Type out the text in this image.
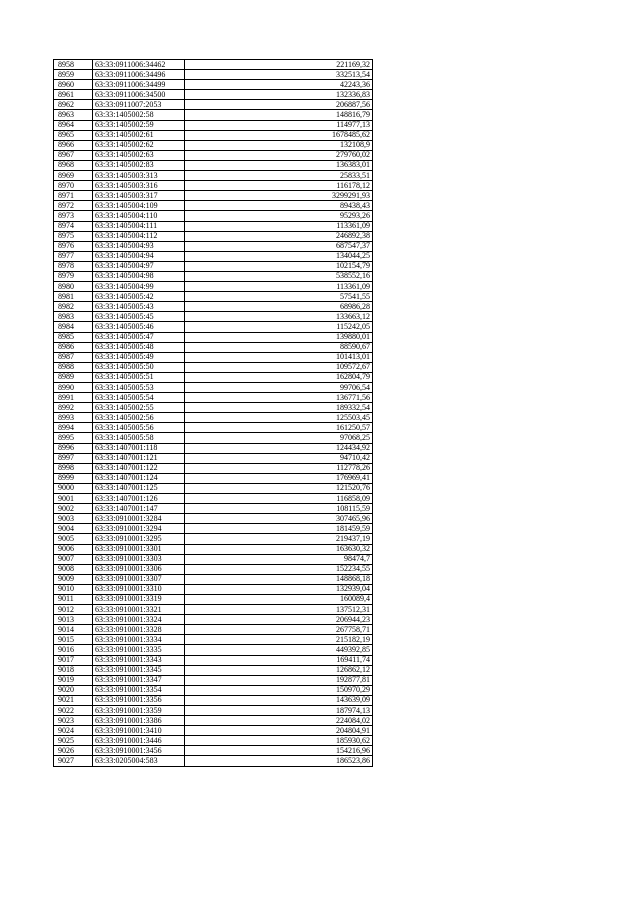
8958	63:33:0911006:34462	221169,32
8959	63:33:0911006:34496	332513,54
8960	63:33:0911006:34499	42243,36
8961	63:33:0911006:34500	132336,83
8962	63:33:0911007:2053	206887,56
8963	63:33:1405002:58	148816,79
8964	63:33:1405002:59	114977,13
8965	63:33:1405002:61	1678485,62
8966	63:33:1405002:62	132108,9
8967	63:33:1405002:63	279760,02
8968	63:33:1405002:83	136383,01
8969	63:33:1405003:313	25833,51
8970	63:33:1405003:316	116178,12
8971	63:33:1405003:317	3299291,93
8972	63:33:1405004:109	89438,43
8973	63:33:1405004:110	95293,26
8974	63:33:1405004:111	113361,09
8975	63:33:1405004:112	246892,38
8976	63:33:1405004:93	687547,37
8977	63:33:1405004:94	134044,25
8978	63:33:1405004:97	102154,79
8979	63:33:1405004:98	538552,16
8980	63:33:1405004:99	113361,09
8981	63:33:1405005:42	57541,55
8982	63:33:1405005:43	68986,28
8983	63:33:1405005:45	133663,12
8984	63:33:1405005:46	115242,05
8985	63:33:1405005:47	139880,01
8986	63:33:1405005:48	88590,67
8987	63:33:1405005:49	101413,01
8988	63:33:1405005:50	109572,67
8989	63:33:1405005:51	162804,79
8990	63:33:1405005:53	99706,54
8991	63:33:1405005:54	136771,56
8992	63:33:1405002:55	189332,54
8993	63:33:1405002:56	125503,45
8994	63:33:1405005:56	161250,57
8995	63:33:1405005:58	97068,25
8996	63:33:1407001:118	124434,92
8997	63:33:1407001:121	94710,42
8998	63:33:1407001:122	112778,26
8999	63:33:1407001:124	176969,41
9000	63:33:1407001:125	121520,76
9001	63:33:1407001:126	116858,09
9002	63:33:1407001:147	108115,59
9003	63:33:0910001:3284	307465,96
9004	63:33:0910001:3294	181459,59
9005	63:33:0910001:3295	219437,19
9006	63:33:0910001:3301	163630,32
9007	63:33:0910001:3303	98474,7
9008	63:33:0910001:3306	152234,55
9009	63:33:0910001:3307	148868,18
9010	63:33:0910001:3310	132939,04
9011	63:33:0910001:3319	160089,4
9012	63:33:0910001:3321	137512,31
9013	63:33:0910001:3324	206944,23
9014	63:33:0910001:3328	267758,71
9015	63:33:0910001:3334	215182,19
9016	63:33:0910001:3335	449392,85
9017	63:33:0910001:3343	169411,74
9018	63:33:0910001:3345	126862,12
9019	63:33:0910001:3347	192877,81
9020	63:33:0910001:3354	150970,29
9021	63:33:0910001:3356	143639,09
9022	63:33:0910001:3359	187974,13
9023	63:33:0910001:3386	224084,02
9024	63:33:0910001:3410	204804,91
9025	63:33:0910001:3446	185930,62
9026	63:33:0910001:3456	154216,96
9027	63:33:0205004:583	186523,86
